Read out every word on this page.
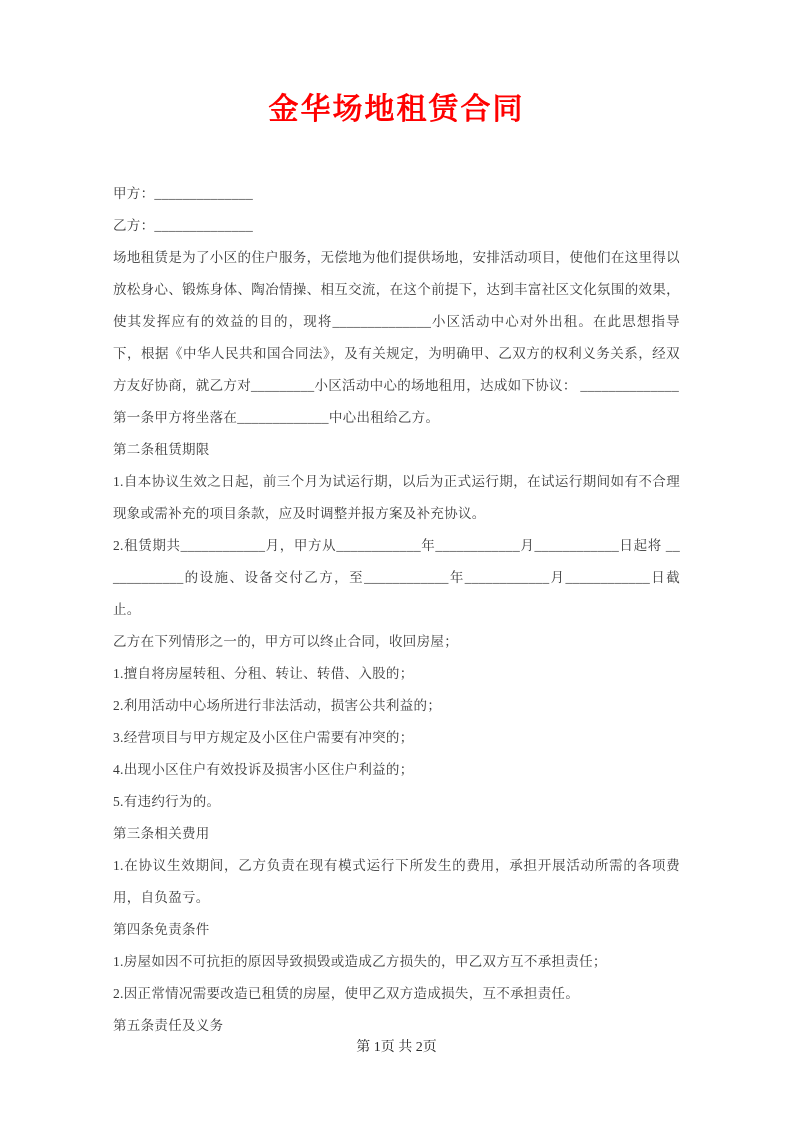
金华场地租赁合同

甲方：______________

乙方：______________

场地租赁是为了小区的住户服务，无偿地为他们提供场地，安排活动项目，使他们在这里得以放松身心、锻炼身体、陶冶情操、相互交流，在这个前提下，达到丰富社区文化氛围的效果，使其发挥应有的效益的目的，现将______________小区活动中心对外出租。在此思想指导下，根据《中华人民共和国合同法》，及有关规定，为明确甲、乙双方的权利义务关系，经双方友好协商，就乙方对_________小区活动中心的场地租用，达成如下协议： ______________

第一条甲方将坐落在_____________中心出租给乙方。

第二条租赁期限

1.自本协议生效之日起，前三个月为试运行期，以后为正式运行期，在试运行期间如有不合理现象或需补充的项目条款，应及时调整并报方案及补充协议。

2.租赁期共____________月，甲方从____________年____________月____________日起将 ____________的设施、设备交付乙方，至____________年____________月____________日截止。

乙方在下列情形之一的，甲方可以终止合同，收回房屋；

1.擅自将房屋转租、分租、转让、转借、入股的；

2.利用活动中心场所进行非法活动，损害公共利益的；

3.经营项目与甲方规定及小区住户需要有冲突的；

4.出现小区住户有效投诉及损害小区住户利益的；

5.有违约行为的。

第三条相关费用

1.在协议生效期间，乙方负责在现有模式运行下所发生的费用，承担开展活动所需的各项费用，自负盈亏。

第四条免责条件

1.房屋如因不可抗拒的原因导致损毁或造成乙方损失的，甲乙双方互不承担责任；

2.因正常情况需要改造已租赁的房屋，使甲乙双方造成损失，互不承担责任。

第五条责任及义务

第 1页 共 2页
